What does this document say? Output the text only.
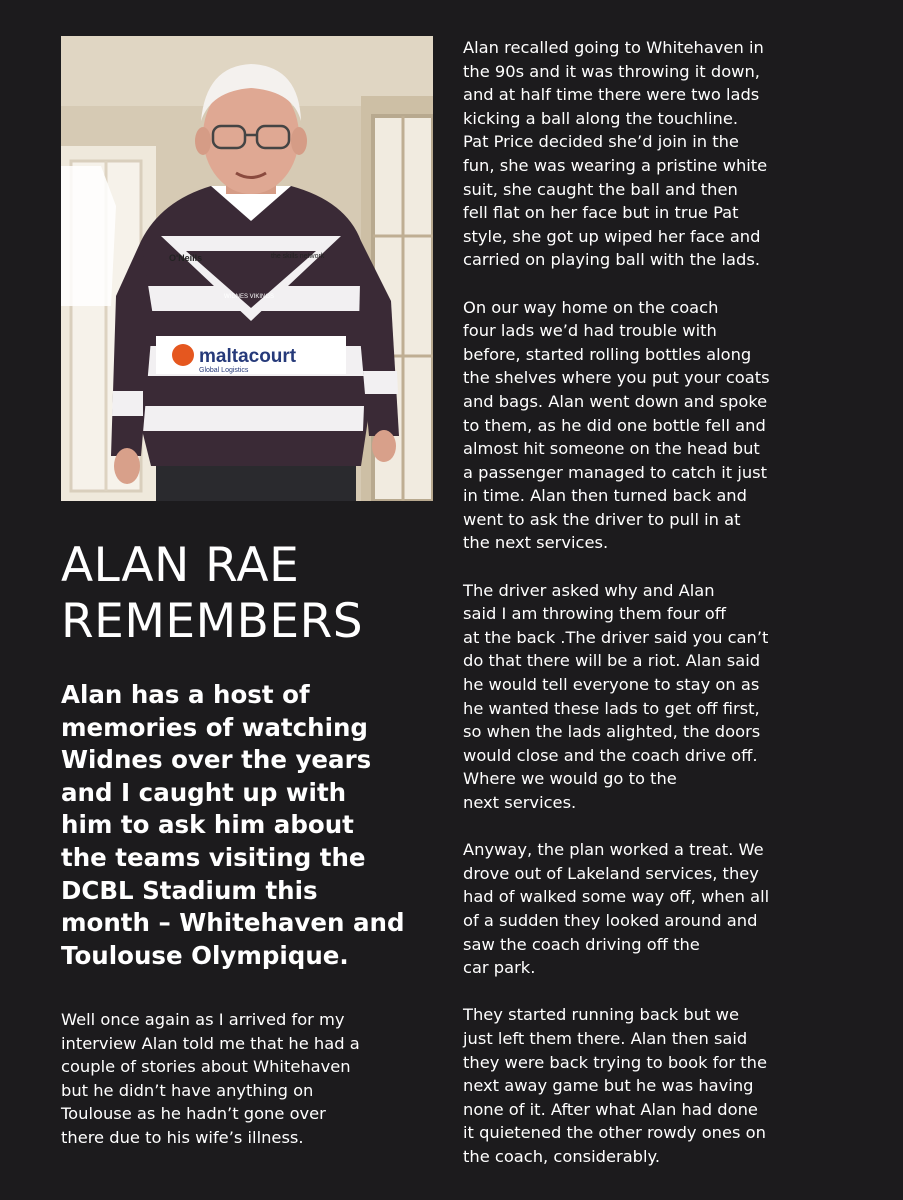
maltacourt
Global Logistics
O'Neills	the skills network
WIDNES VIKINGS
ALAN RAE
REMEMBERS
Alan has a host of
memories of watching
Widnes over the years
and I caught up with
him to ask him about
the teams visiting the
DCBL Stadium this
month – Whitehaven and
Toulouse Olympique.
Well once again as I arrived for my
interview Alan told me that he had a
couple of stories about Whitehaven
but he didn’t have anything on
Toulouse as he hadn’t gone over
there due to his wife’s illness.

Alan recalled going to Whitehaven in
the 90s and it was throwing it down,
and at half time there were two lads
kicking a ball along the touchline.
Pat Price decided she’d join in the
fun, she was wearing a pristine white
suit, she caught the ball and then
fell flat on her face but in true Pat
style, she got up wiped her face and
carried on playing ball with the lads.

On our way home on the coach
four lads we’d had trouble with
before, started rolling bottles along
the shelves where you put your coats
and bags. Alan went down and spoke
to them, as he did one bottle fell and
almost hit someone on the head but
a passenger managed to catch it just
in time. Alan then turned back and
went to ask the driver to pull in at
the next services.

The driver asked why and Alan
said I am throwing them four off
at the back .The driver said you can’t
do that there will be a riot. Alan said
he would tell everyone to stay on as
he wanted these lads to get off first,
so when the lads alighted, the doors
would close and the coach drive off.
Where we would go to the
next services.

Anyway, the plan worked a treat. We
drove out of Lakeland services, they
had of walked some way off, when all
of a sudden they looked around and
saw the coach driving off the
car park.

They started running back but we
just left them there. Alan then said
they were back trying to book for the
next away game but he was having
none of it. After what Alan had done
it quietened the other rowdy ones on
the coach, considerably.
